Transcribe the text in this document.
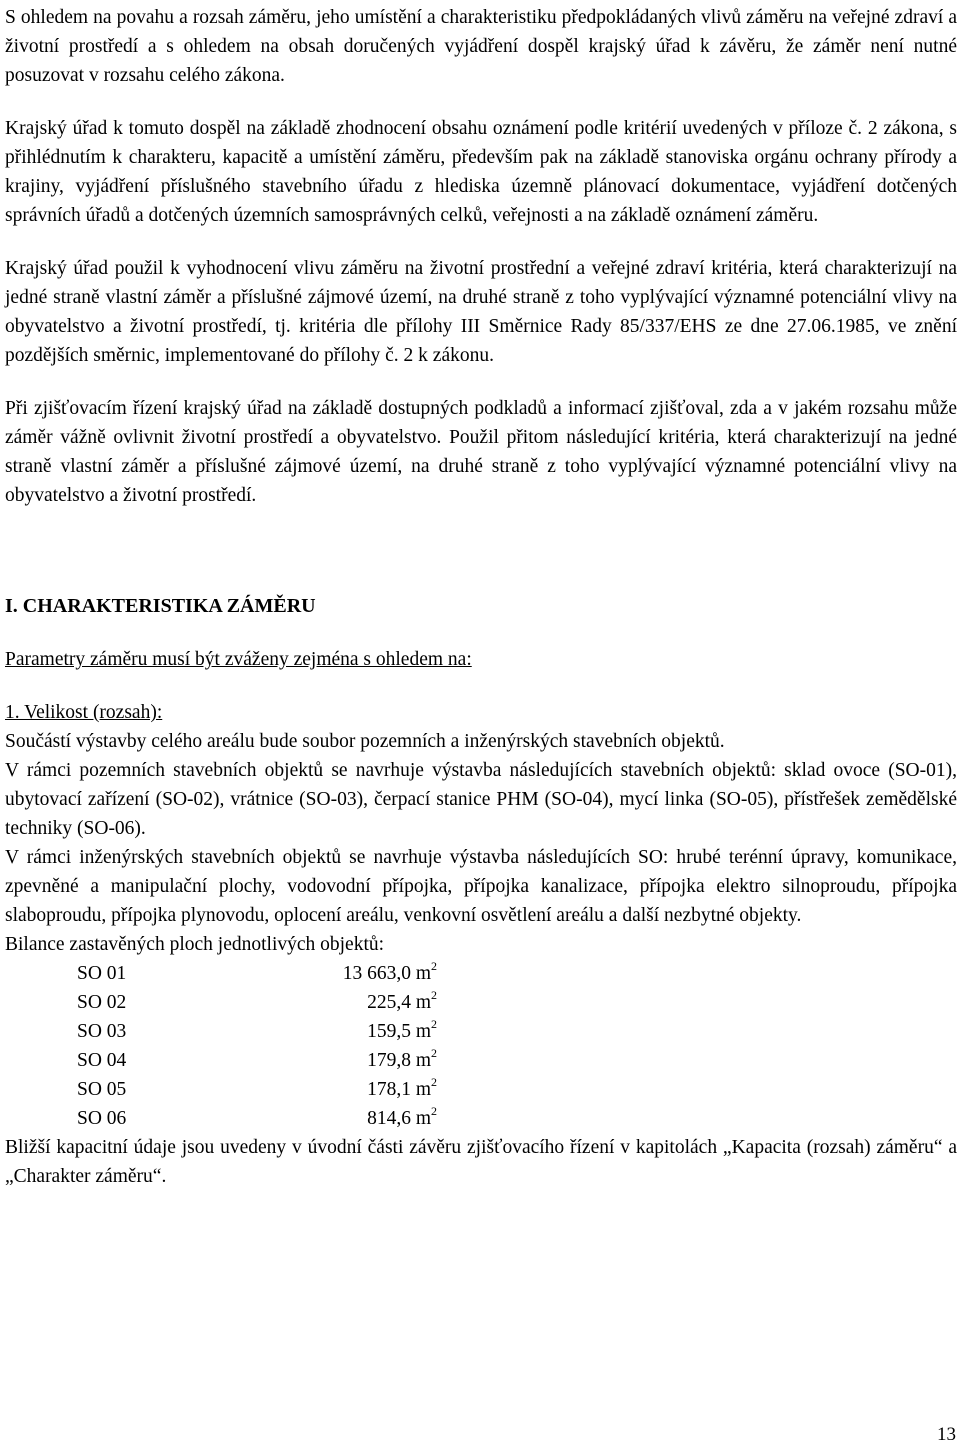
S ohledem na povahu a rozsah záměru, jeho umístění a charakteristiku předpokládaných vlivů záměru na veřejné zdraví a životní prostředí a s ohledem na obsah doručených vyjádření dospěl krajský úřad k závěru, že záměr není nutné posuzovat v rozsahu celého zákona.

Krajský úřad k tomuto dospěl na základě zhodnocení obsahu oznámení podle kritérií uvedených v příloze č. 2 zákona, s přihlédnutím k charakteru, kapacitě a umístění záměru, především pak na základě stanoviska orgánu ochrany přírody a krajiny, vyjádření příslušného stavebního úřadu z hlediska územně plánovací dokumentace, vyjádření dotčených správních úřadů a dotčených územních samosprávných celků, veřejnosti a na základě oznámení záměru.

Krajský úřad použil k vyhodnocení vlivu záměru na životní prostřední a veřejné zdraví kritéria, která charakterizují na jedné straně vlastní záměr a příslušné zájmové území, na druhé straně z toho vyplývající významné potenciální vlivy na obyvatelstvo a životní prostředí, tj. kritéria dle přílohy III Směrnice Rady 85/337/EHS ze dne 27.06.1985, ve znění pozdějších směrnic, implementované do přílohy č. 2 k zákonu.

Při zjišťovacím řízení krajský úřad na základě dostupných podkladů a informací zjišťoval, zda a v jakém rozsahu může záměr vážně ovlivnit životní prostředí a obyvatelstvo. Použil přitom následující kritéria, která charakterizují na jedné straně vlastní záměr a příslušné zájmové území, na druhé straně z toho vyplývající významné potenciální vlivy na obyvatelstvo a životní prostředí.

I. CHARAKTERISTIKA ZÁMĚRU

Parametry záměru musí být zváženy zejména s ohledem na:

1. Velikost (rozsah):

Součástí výstavby celého areálu bude soubor pozemních a inženýrských stavebních objektů.

V rámci pozemních stavebních objektů se navrhuje výstavba následujících stavebních objektů: sklad ovoce (SO-01), ubytovací zařízení (SO-02), vrátnice (SO-03), čerpací stanice PHM (SO-04), mycí linka (SO-05), přístřešek zemědělské techniky (SO-06).

V rámci inženýrských stavebních objektů se navrhuje výstavba následujících SO: hrubé terénní úpravy, komunikace, zpevněné a manipulační plochy, vodovodní přípojka, přípojka kanalizace, přípojka elektro silnoproudu, přípojka slaboproudu, přípojka plynovodu, oplocení areálu, venkovní osvětlení areálu a další nezbytné objekty.

Bilance zastavěných ploch jednotlivých objektů:

SO 01	13 663,0 $m^2$
SO 02	225,4 $m^2$
SO 03	159,5 $m^2$
SO 04	179,8 $m^2$
SO 05	178,1 $m^2$
SO 06	814,6 $m^2$

Bližší kapacitní údaje jsou uvedeny v úvodní části závěru zjišťovacího řízení v kapitolách „Kapacita (rozsah) záměru“ a „Charakter záměru“.

13
